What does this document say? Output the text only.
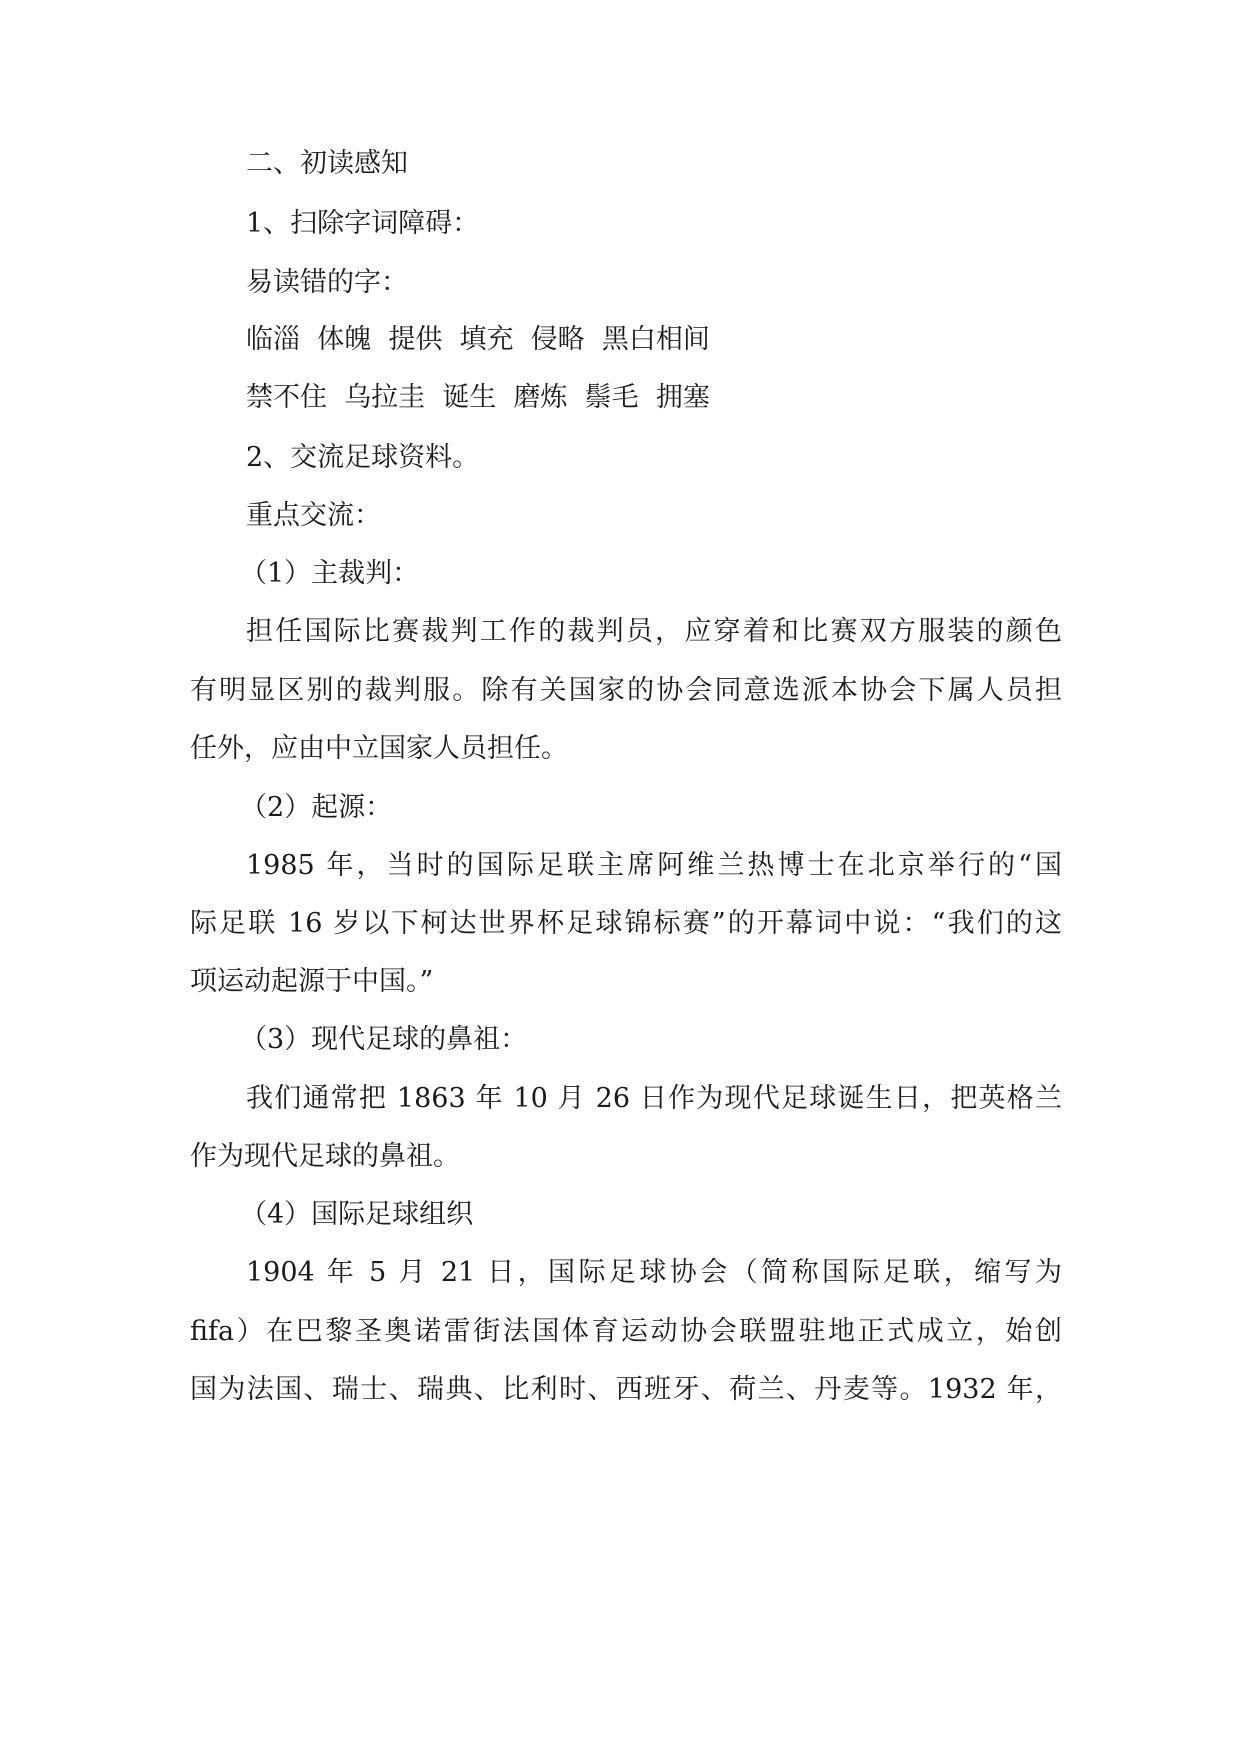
二、初读感知
1、扫除字词障碍：
易读错的字：
临淄  体魄  提供  填充  侵略  黑白相间
禁不住  乌拉圭  诞生  磨炼  鬃毛  拥塞
2、交流足球资料。
重点交流：
（1）主裁判：
担任国际比赛裁判工作的裁判员，应穿着和比赛双方服装的颜色
有明显区别的裁判服。除有关国家的协会同意选派本协会下属人员担
任外，应由中立国家人员担任。
（2）起源：
1985 年，当时的国际足联主席阿维兰热博士在北京举行的“国
际足联 16 岁以下柯达世界杯足球锦标赛”的开幕词中说：“我们的这
项运动起源于中国。”
（3）现代足球的鼻祖：
我们通常把 1863 年 10 月 26 日作为现代足球诞生日，把英格兰
作为现代足球的鼻祖。
（4）国际足球组织
1904 年 5 月 21 日，国际足球协会（简称国际足联，缩写为
fifa）在巴黎圣奥诺雷街法国体育运动协会联盟驻地正式成立，始创
国为法国、瑞士、瑞典、比利时、西班牙、荷兰、丹麦等。1932 年，
